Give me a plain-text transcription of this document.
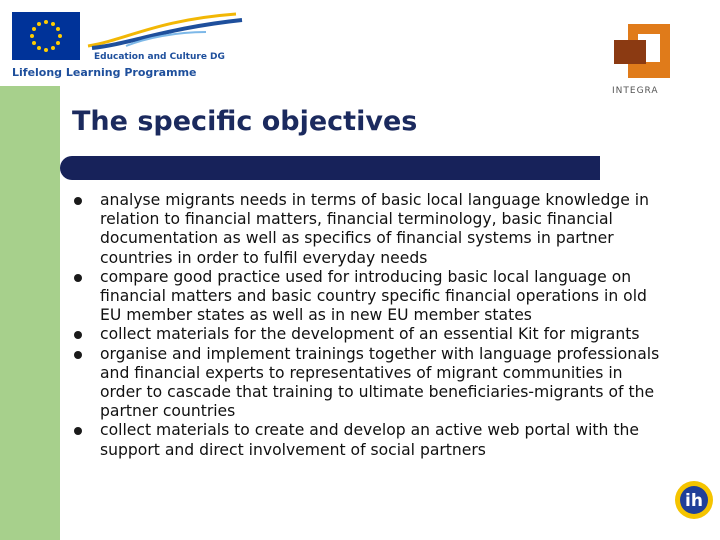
Education and Culture DG
Lifelong Learning Programme
INTEGRA
The specific objectives
analyse migrants needs in terms of basic local language knowledge in relation to financial matters, financial terminology, basic financial documentation as well as specifics of financial systems in partner countries in order to fulfil everyday needs
compare good practice used for introducing basic local language on financial matters and basic country specific financial operations in old EU member states as well as in new EU member states
collect materials for the development of an essential Kit for migrants
organise and implement trainings together with language professionals and financial experts to representatives of migrant communities in order to cascade that training to ultimate beneficiaries-migrants of the partner countries
collect materials to create and develop an active web portal with the support and direct involvement of social partners
ih
